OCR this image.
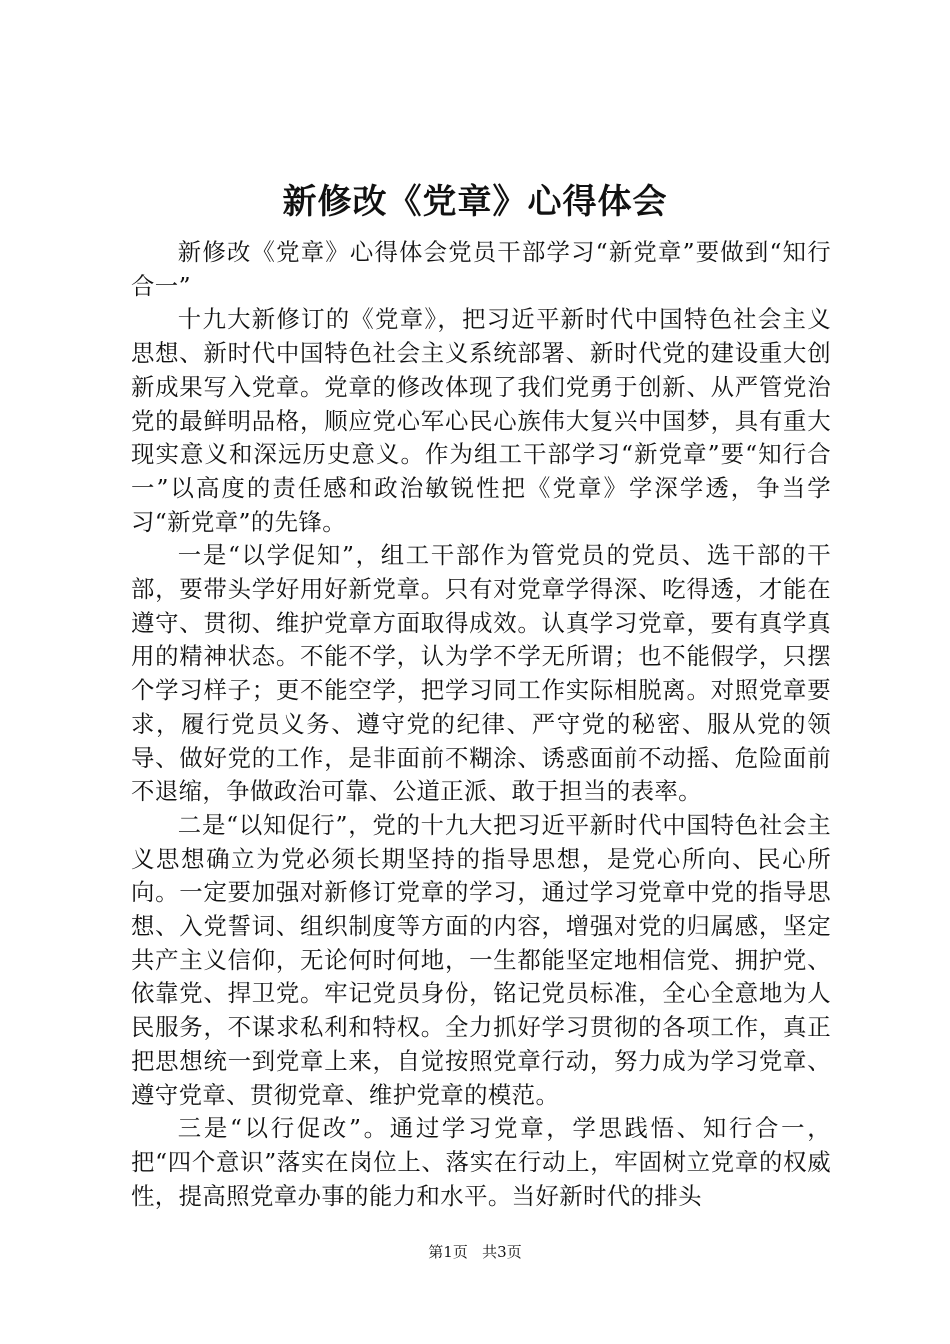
新修改《党章》心得体会

新修改《党章》心得体会党员干部学习“新党章”要做到“知行合一”

十九大新修订的《党章》，把习近平新时代中国特色社会主义思想、新时代中国特色社会主义系统部署、新时代党的建设重大创新成果写入党章。党章的修改体现了我们党勇于创新、从严管党治党的最鲜明品格，顺应党心军心民心族伟大复兴中国梦，具有重大现实意义和深远历史意义。作为组工干部学习“新党章”要“知行合一”以高度的责任感和政治敏锐性把《党章》学深学透，争当学习“新党章”的先锋。

一是“以学促知”，组工干部作为管党员的党员、选干部的干部，要带头学好用好新党章。只有对党章学得深、吃得透，才能在遵守、贯彻、维护党章方面取得成效。认真学习党章，要有真学真用的精神状态。不能不学，认为学不学无所谓；也不能假学，只摆个学习样子；更不能空学，把学习同工作实际相脱离。对照党章要求，履行党员义务、遵守党的纪律、严守党的秘密、服从党的领导、做好党的工作，是非面前不糊涂、诱惑面前不动摇、危险面前不退缩，争做政治可靠、公道正派、敢于担当的表率。

二是“以知促行”，党的十九大把习近平新时代中国特色社会主义思想确立为党必须长期坚持的指导思想，是党心所向、民心所向。一定要加强对新修订党章的学习，通过学习党章中党的指导思想、入党誓词、组织制度等方面的内容，增强对党的归属感，坚定共产主义信仰，无论何时何地，一生都能坚定地相信党、拥护党、依靠党、捍卫党。牢记党员身份，铭记党员标准，全心全意地为人民服务，不谋求私利和特权。全力抓好学习贯彻的各项工作，真正把思想统一到党章上来，自觉按照党章行动，努力成为学习党章、遵守党章、贯彻党章、维护党章的模范。

三是“以行促改”。通过学习党章，学思践悟、知行合一，把“四个意识”落实在岗位上、落实在行动上，牢固树立党章的权威性，提高照党章办事的能力和水平。当好新时代的排头

第1页 共3页
